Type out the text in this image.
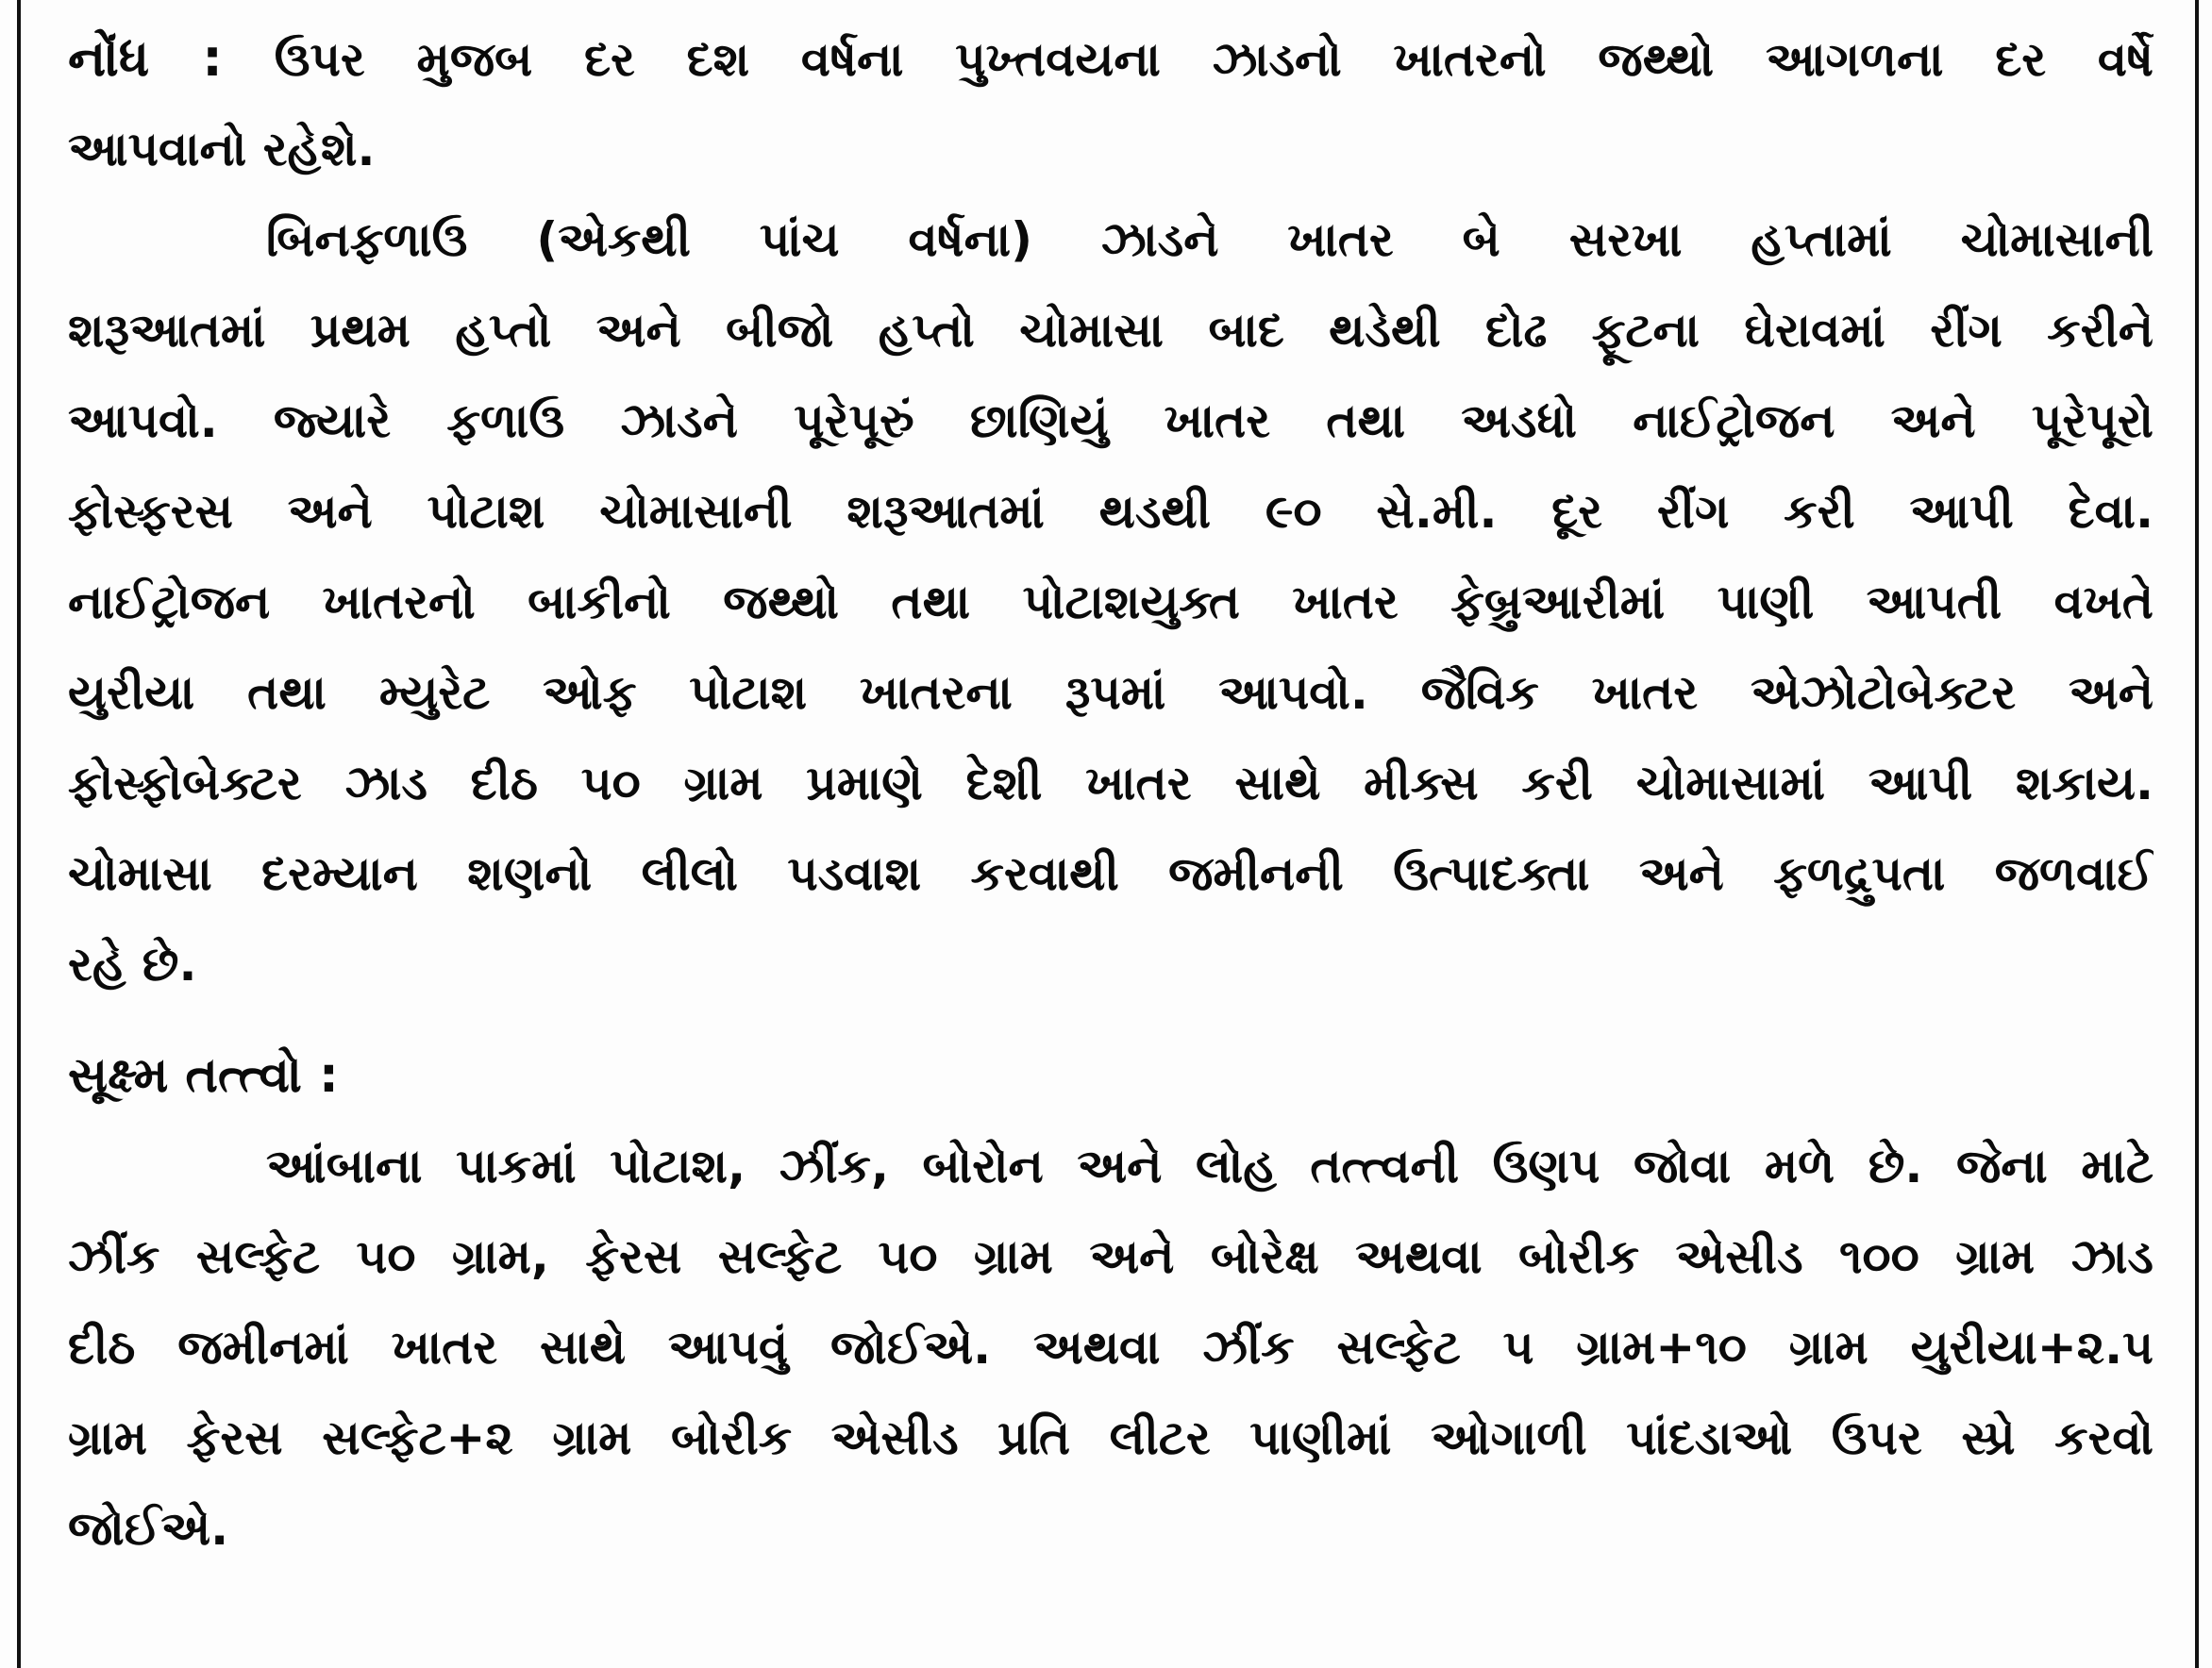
નોંધ : ઉપર મુજબ દર દશ વર્ષના પુખ્તવયના ઝાડનો ખાતરનો જથ્થો આગળના દર વર્ષે
આપવાનો રહેશે.
બિનફળાઉ (એકથી પાંચ વર્ષના) ઝાડને ખાતર બે સરખા હપ્તામાં ચોમાસાની
શરૂઆતમાં પ્રથમ હપ્તો અને બીજો હપ્તો ચોમાસા બાદ થડેથી દોઢ ફૂટના ઘેરાવમાં રીંગ કરીને
આપવો. જ્યારે ફળાઉ ઝાડને પૂરેપૂરું છાણિયું ખાતર તથા અડધો નાઈટ્રોજન અને પૂરેપૂરો
ફોસ્ફરસ અને પોટાશ ચોમાસાની શરૂઆતમાં થડથી ૯૦ સે.મી. દૂર રીંગ કરી આપી દેવા.
નાઈટ્રોજન ખાતરનો બાકીનો જથ્થો તથા પોટાશયુક્ત ખાતર ફેબ્રુઆરીમાં પાણી આપતી વખતે
યુરીયા તથા મ્યુરેટ ઓફ પોટાશ ખાતરના રૂપમાં આપવો. જૈવિક ખાતર એઝોટોબેક્ટર અને
ફોસ્ફોબેક્ટર ઝાડ દીઠ ૫૦ ગ્રામ પ્રમાણે દેશી ખાતર સાથે મીક્સ કરી ચોમાસામાં આપી શકાય.
ચોમાસા દરમ્યાન શણનો લીલો પડવાશ કરવાથી જમીનની ઉત્પાદક્તા અને ફળદ્રુપતા જળવાઈ
રહે છે.
સૂક્ષ્મ તત્ત્વો :
આંબાના પાકમાં પોટાશ, ઝીંક, બોરોન અને લોહ તત્ત્વની ઉણપ જોવા મળે છે. જેના માટે
ઝીંક સલ્ફેટ ૫૦ ગ્રામ, ફેરસ સલ્ફેટ ૫૦ ગ્રામ અને બોરેક્ષ અથવા બોરીક એસીડ ૧૦૦ ગ્રામ ઝાડ
દીઠ જમીનમાં ખાતર સાથે આપવું જોઈએ. અથવા ઝીંક સલ્ફેટ ૫ ગ્રામ+૧૦ ગ્રામ યુરીયા+૨.૫
ગ્રામ ફેરસ સલ્ફેટ+૨ ગ્રામ બોરીક એસીડ પ્રતિ લીટર પાણીમાં ઓગાળી પાંદડાઓ ઉપર સ્પ્રે કરવો
જોઈએ.
